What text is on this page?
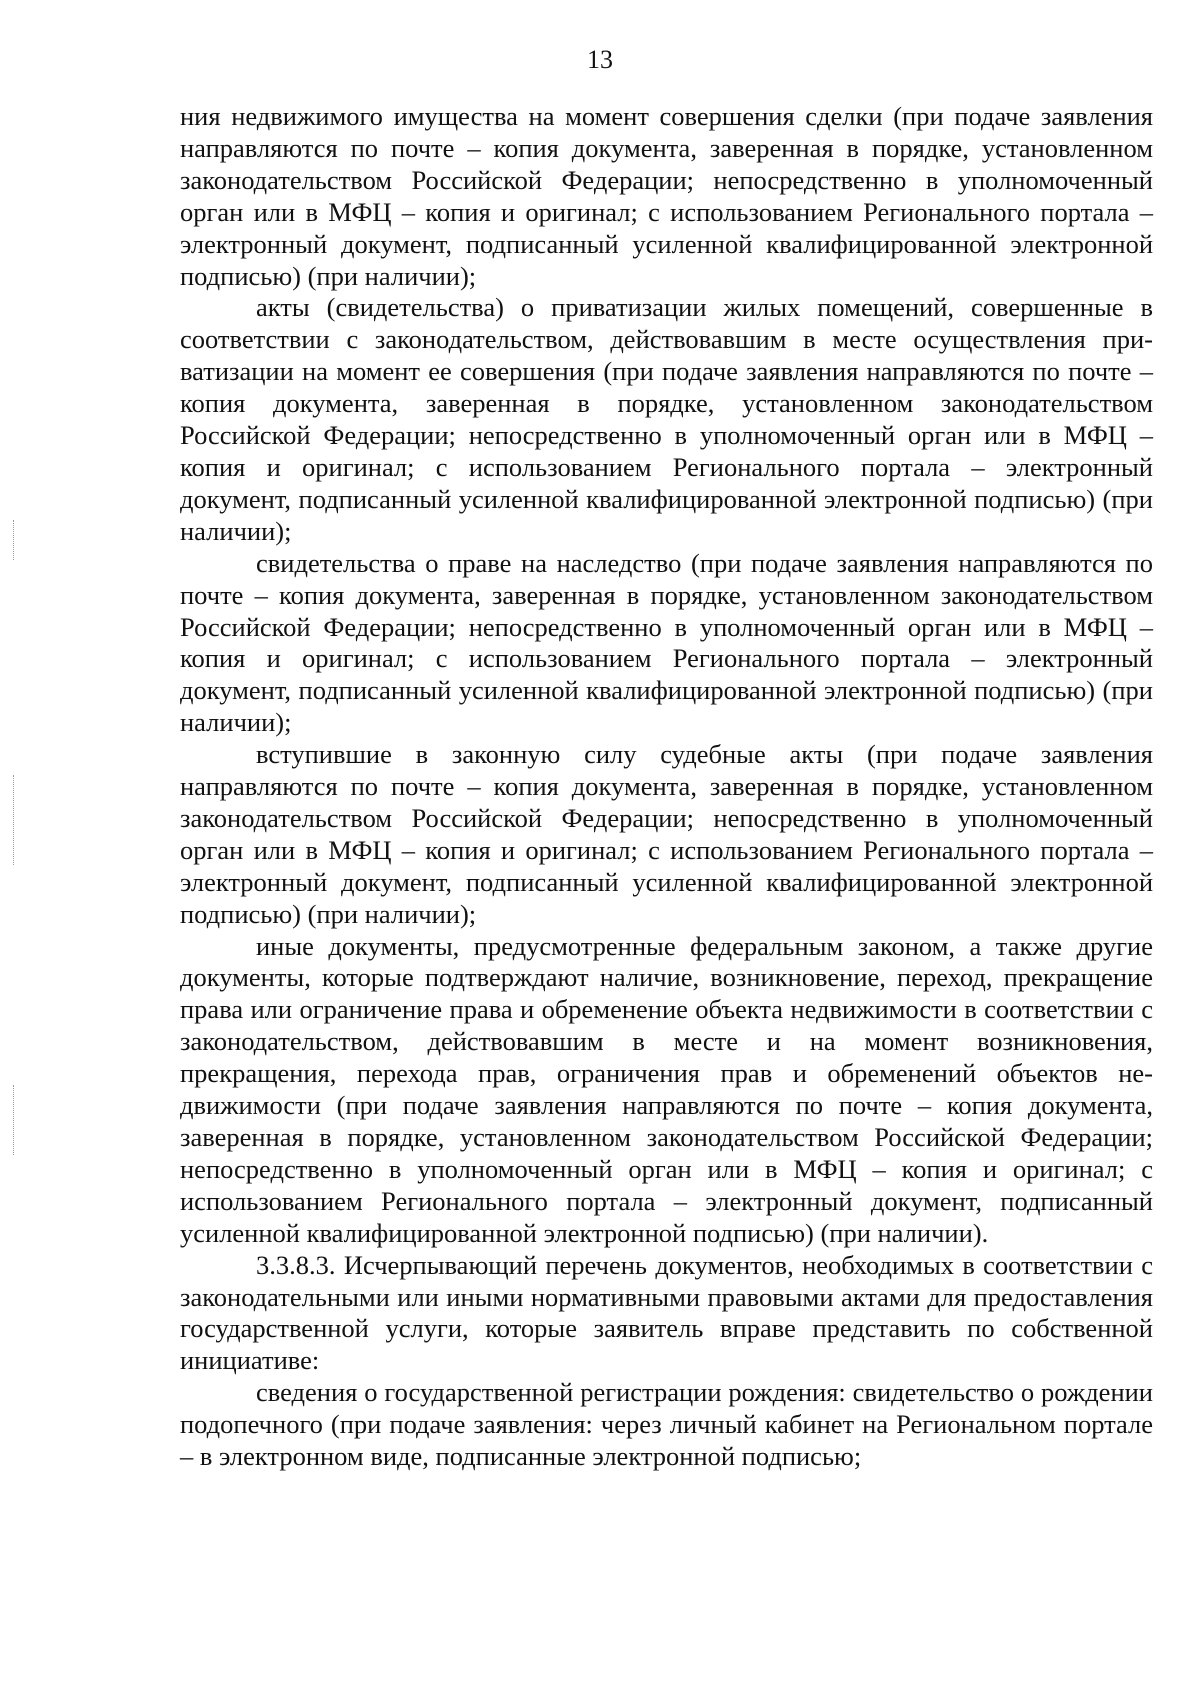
13

ния недвижимого имущества на момент совершения сделки (при подаче заявления направляются по почте – копия документа, заверенная в порядке, установленном законодательством Российской Федерации; непосредственно в уполномоченный орган или в МФЦ – копия и оригинал; с использованием Регионального портала – электронный документ, подписанный усиленной квалифицированной электронной подписью) (при наличии);

акты (свидетельства) о приватизации жилых помещений, совершенные в соответствии с законодательством, действовавшим в месте осуществления приватизации на момент ее совершения (при подаче заявления направляются по почте – копия документа, заверенная в порядке, установленном законодательством Российской Федерации; непосредственно в уполномоченный орган или в МФЦ – копия и оригинал; с использованием Регионального портала – электронный документ, подписанный усиленной квалифицированной электронной подписью) (при наличии);

свидетельства о праве на наследство (при подаче заявления направляются по почте – копия документа, заверенная в порядке, установленном законодательством Российской Федерации; непосредственно в уполномоченный орган или в МФЦ – копия и оригинал; с использованием Регионального портала – электронный документ, подписанный усиленной квалифицированной электронной подписью) (при наличии);

вступившие в законную силу судебные акты (при подаче заявления направляются по почте – копия документа, заверенная в порядке, установленном законодательством Российской Федерации; непосредственно в уполномоченный орган или в МФЦ – копия и оригинал; с использованием Регионального портала – электронный документ, подписанный усиленной квалифицированной электронной подписью) (при наличии);

иные документы, предусмотренные федеральным законом, а также другие документы, которые подтверждают наличие, возникновение, переход, прекращение права или ограничение права и обременение объекта недвижимости в соответствии с законодательством, действовавшим в месте и на момент возникновения, прекращения, перехода прав, ограничения прав и обременений объектов недвижимости (при подаче заявления направляются по почте – копия документа, заверенная в порядке, установленном законодательством Российской Федерации; непосредственно в уполномоченный орган или в МФЦ – копия и оригинал; с использованием Регионального портала – электронный документ, подписанный усиленной квалифицированной электронной подписью) (при наличии).

3.3.8.3. Исчерпывающий перечень документов, необходимых в соответствии с законодательными или иными нормативными правовыми актами для предоставления государственной услуги, которые заявитель вправе представить по собственной инициативе:

сведения о государственной регистрации рождения: свидетельство о рождении подопечного (при подаче заявления: через личный кабинет на Региональном портале – в электронном виде, подписанные электронной подписью;
